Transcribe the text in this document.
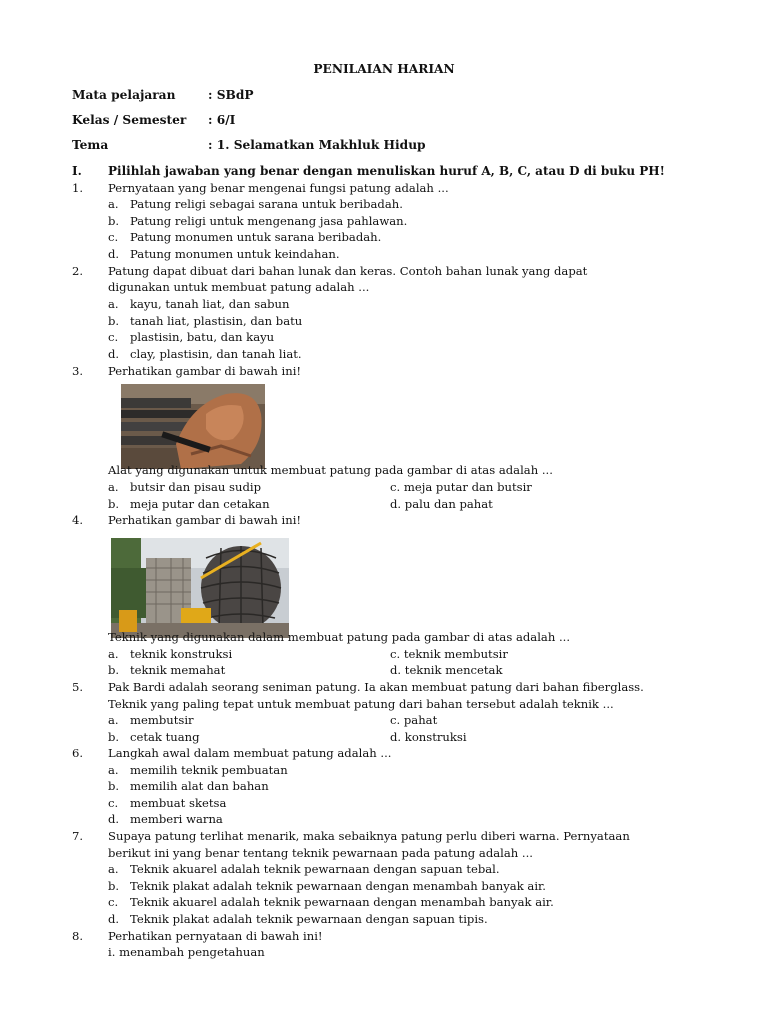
PENILAIAN HARIAN
Mata pelajaran	: SBdP
Kelas / Semester : 6/I
Tema	: 1. Selamatkan Makhluk Hidup
I. Pilihlah jawaban yang benar dengan menuliskan huruf A, B, C, atau D di buku PH!
1. Pernyataan yang benar mengenai fungsi patung adalah ...
a. Patung religi sebagai sarana untuk beribadah.
b. Patung religi untuk mengenang jasa pahlawan.
c. Patung monumen untuk sarana beribadah.
d. Patung monumen untuk keindahan.
2. Patung dapat dibuat dari bahan lunak dan keras. Contoh bahan lunak yang dapat
digunakan untuk membuat patung adalah ...
a. kayu, tanah liat, dan sabun
b. tanah liat, plastisin, dan batu
c. plastisin, batu, dan kayu
d. clay, plastisin, dan tanah liat.
3. Perhatikan gambar di bawah ini!
Alat yang digunakan untuk membuat patung pada gambar di atas adalah ...
a. butsir dan pisau sudip	c. meja putar dan butsir
b. meja putar dan cetakan	d. palu dan pahat
4. Perhatikan gambar di bawah ini!
Teknik yang digunakan dalam membuat patung pada gambar di atas adalah ...
a. teknik konstruksi	c. teknik membutsir
b. teknik memahat	d. teknik mencetak
5. Pak Bardi adalah seorang seniman patung. Ia akan membuat patung dari bahan fiberglass.
Teknik yang paling tepat untuk membuat patung dari bahan tersebut adalah teknik ...
a. membutsir	c. pahat
b. cetak tuang	d. konstruksi
6. Langkah awal dalam membuat patung adalah ...
a. memilih teknik pembuatan
b. memilih alat dan bahan
c. membuat sketsa
d. memberi warna
7. Supaya patung terlihat menarik, maka sebaiknya patung perlu diberi warna. Pernyataan
berikut ini yang benar tentang teknik pewarnaan pada patung adalah ...
a. Teknik akuarel adalah teknik pewarnaan dengan sapuan tebal.
b. Teknik plakat adalah teknik pewarnaan dengan menambah banyak air.
c. Teknik akuarel adalah teknik pewarnaan dengan menambah banyak air.
d. Teknik plakat adalah teknik pewarnaan dengan sapuan tipis.
8. Perhatikan pernyataan di bawah ini!
i. menambah pengetahuan
